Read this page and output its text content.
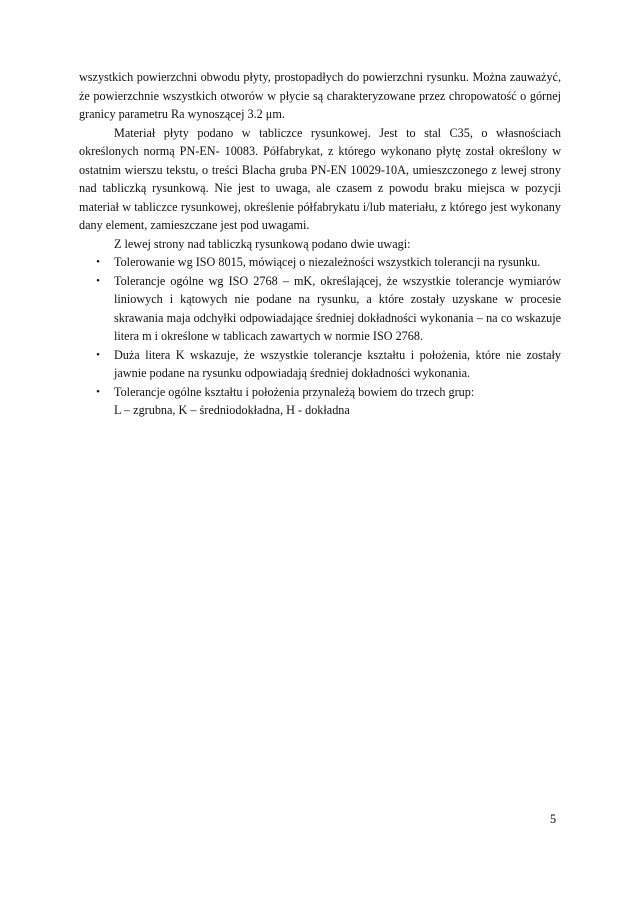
wszystkich powierzchni obwodu płyty, prostopadłych do powierzchni rysunku. Można zauważyć, że powierzchnie wszystkich otworów w płycie są charakteryzowane przez chropowatość o górnej granicy parametru Ra wynoszącej 3.2 μm.

Materiał płyty podano w tabliczce rysunkowej. Jest to stal C35, o własnościach określonych normą PN-EN- 10083. Półfabrykat, z którego wykonano płytę został określony w ostatnim wierszu tekstu, o treści Blacha gruba PN-EN 10029-10A, umieszczonego z lewej strony nad tabliczką rysunkową. Nie jest to uwaga, ale czasem z powodu braku miejsca w pozycji materiał w tabliczce rysunkowej, określenie półfabrykatu i/lub materiału, z którego jest wykonany dany element, zamieszczane jest pod uwagami.

Z lewej strony nad tabliczką rysunkową podano dwie uwagi:

• Tolerowanie wg ISO 8015, mówiącej o niezależności wszystkich tolerancji na rysunku.
• Tolerancje ogólne wg ISO 2768 – mK, określającej, że wszystkie tolerancje wymiarów liniowych i kątowych nie podane na rysunku, a które zostały uzyskane w procesie skrawania maja odchyłki odpowiadające średniej dokładności wykonania – na co wskazuje litera m i określone w tablicach zawartych w normie ISO 2768.
• Duża litera K wskazuje, że wszystkie tolerancje kształtu i położenia, które nie zostały jawnie podane na rysunku odpowiadają średniej dokładności wykonania.
• Tolerancje ogólne kształtu i położenia przynależą bowiem do trzech grup:
L – zgrubna, K – średniodokładna, H - dokładna
5
